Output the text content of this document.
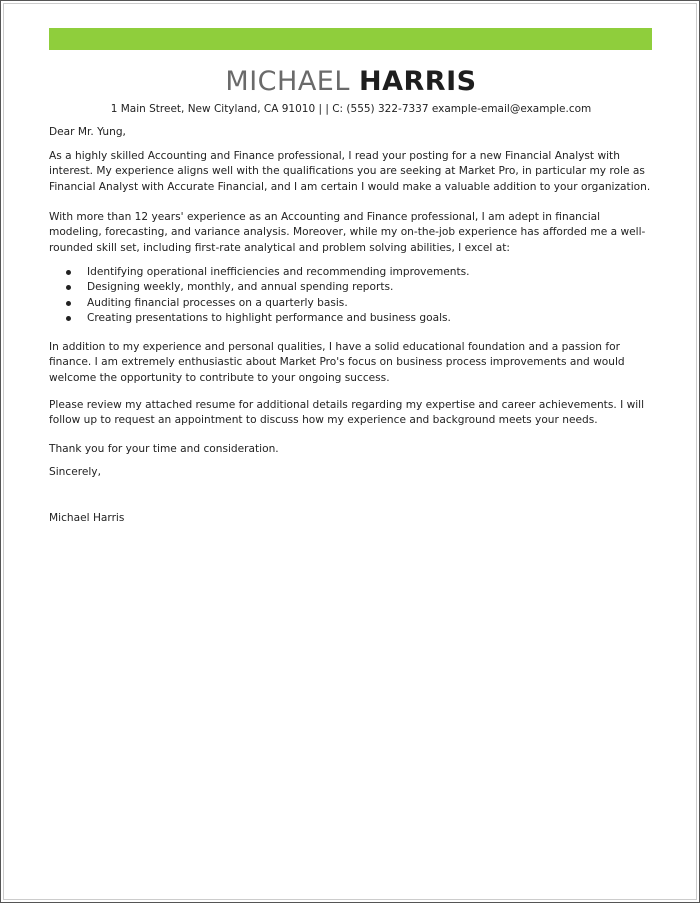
MICHAEL HARRIS
1 Main Street, New Cityland, CA 91010 | | C: (555) 322-7337 example-email@example.com
Dear Mr. Yung,

As a highly skilled Accounting and Finance professional, I read your posting for a new Financial Analyst with interest. My experience aligns well with the qualifications you are seeking at Market Pro, in particular my role as Financial Analyst with Accurate Financial, and I am certain I would make a valuable addition to your organization.

With more than 12 years' experience as an Accounting and Finance professional, I am adept in financial modeling, forecasting, and variance analysis. Moreover, while my on-the-job experience has afforded me a well-rounded skill set, including first-rate analytical and problem solving abilities, I excel at:

Identifying operational inefficiencies and recommending improvements.
Designing weekly, monthly, and annual spending reports.
Auditing financial processes on a quarterly basis.
Creating presentations to highlight performance and business goals.

In addition to my experience and personal qualities, I have a solid educational foundation and a passion for finance. I am extremely enthusiastic about Market Pro's focus on business process improvements and would welcome the opportunity to contribute to your ongoing success.

Please review my attached resume for additional details regarding my expertise and career achievements. I will follow up to request an appointment to discuss how my experience and background meets your needs.

Thank you for your time and consideration.
Sincerely,
Michael Harris
